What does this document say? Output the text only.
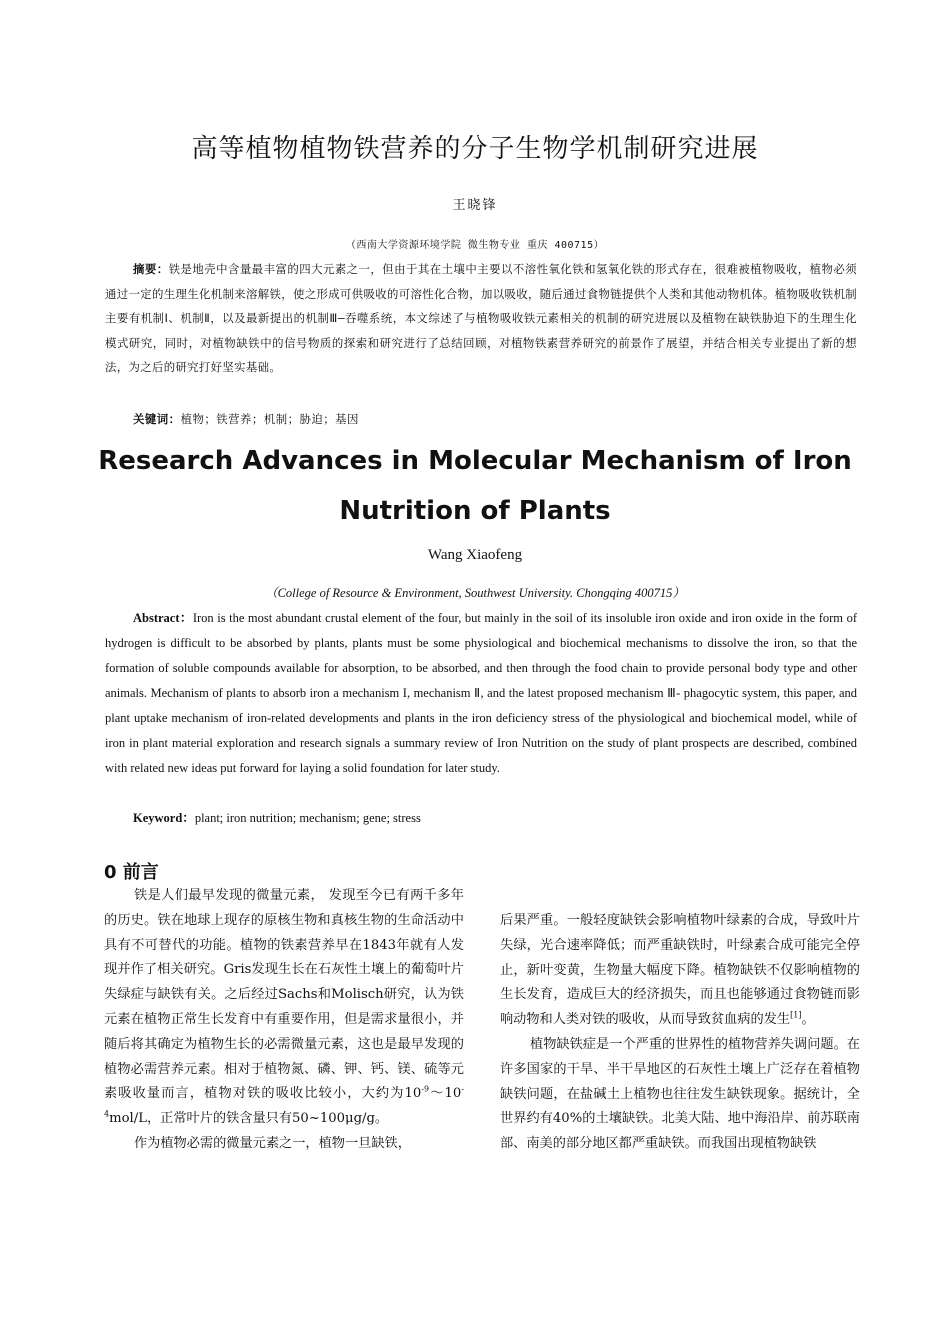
高等植物植物铁营养的分子生物学机制研究进展
王晓锋
（西南大学资源环境学院 微生物专业 重庆 400715）
摘要：铁是地壳中含量最丰富的四大元素之一，但由于其在土壤中主要以不溶性氧化铁和氢氧化铁的形式存在，很难被植物吸收，植物必须通过一定的生理生化机制来溶解铁，使之形成可供吸收的可溶性化合物，加以吸收，随后通过食物链提供个人类和其他动物机体。植物吸收铁机制主要有机制Ⅰ、机制Ⅱ，以及最新提出的机制Ⅲ—吞噬系统，本文综述了与植物吸收铁元素相关的机制的研究进展以及植物在缺铁胁迫下的生理生化模式研究，同时，对植物缺铁中的信号物质的探索和研究进行了总结回顾，对植物铁素营养研究的前景作了展望，并结合相关专业提出了新的想法，为之后的研究打好坚实基础。
关键词：植物；铁营养；机制；胁迫；基因
Research Advances in Molecular Mechanism of Iron Nutrition of Plants
Wang Xiaofeng
（College of Resource & Environment, Southwest University. Chongqing 400715）
Abstract：Iron is the most abundant crustal element of the four, but mainly in the soil of its insoluble iron oxide and iron oxide in the form of hydrogen is difficult to be absorbed by plants, plants must be some physiological and biochemical mechanisms to dissolve the iron, so that the formation of soluble compounds available for absorption, to be absorbed, and then through the food chain to provide personal body type and other animals. Mechanism of plants to absorb iron a mechanism I, mechanism Ⅱ, and the latest proposed mechanism Ⅲ- phagocytic system, this paper, and plant uptake mechanism of iron-related developments and plants in the iron deficiency stress of the physiological and biochemical model, while of iron in plant material exploration and research signals a summary review of Iron Nutrition on the study of plant prospects are described, combined with related new ideas put forward for laying a solid foundation for later study.
Keyword：plant; iron nutrition; mechanism; gene; stress
0 前言

铁是人们最早发现的微量元素， 发现至今已有两千多年的历史。铁在地球上现存的原核生物和真核生物的生命活动中具有不可替代的功能。植物的铁素营养早在1843年就有人发现并作了相关研究。Gris发现生长在石灰性土壤上的葡萄叶片失绿症与缺铁有关。之后经过Sachs和Molisch研究，认为铁元素在植物正常生长发育中有重要作用，但是需求量很小，并随后将其确定为植物生长的必需微量元素，这也是最早发现的植物必需营养元素。相对于植物氮、磷、钾、钙、镁、硫等元素吸收量而言，植物对铁的吸收比较小，大约为$10^{-9}\sim 10^{-4}mol/L$，正常叶片的铁含量只有50~100μg/g。

作为植物必需的微量元素之一，植物一旦缺铁，

后果严重。一般轻度缺铁会影响植物叶绿素的合成，导致叶片失绿，光合速率降低；而严重缺铁时，叶绿素合成可能完全停止，新叶变黄，生物量大幅度下降。植物缺铁不仅影响植物的生长发育，造成巨大的经济损失，而且也能够通过食物链而影响动物和人类对铁的吸收，从而导致贫血病的发生[1]。

植物缺铁症是一个严重的世界性的植物营养失调问题。在许多国家的干旱、半干旱地区的石灰性土壤上广泛存在着植物缺铁问题，在盐碱土上植物也往往发生缺铁现象。据统计，全世界约有40%的土壤缺铁。北美大陆、地中海沿岸、前苏联南部、南美的部分地区都严重缺铁。而我国出现植物缺铁
